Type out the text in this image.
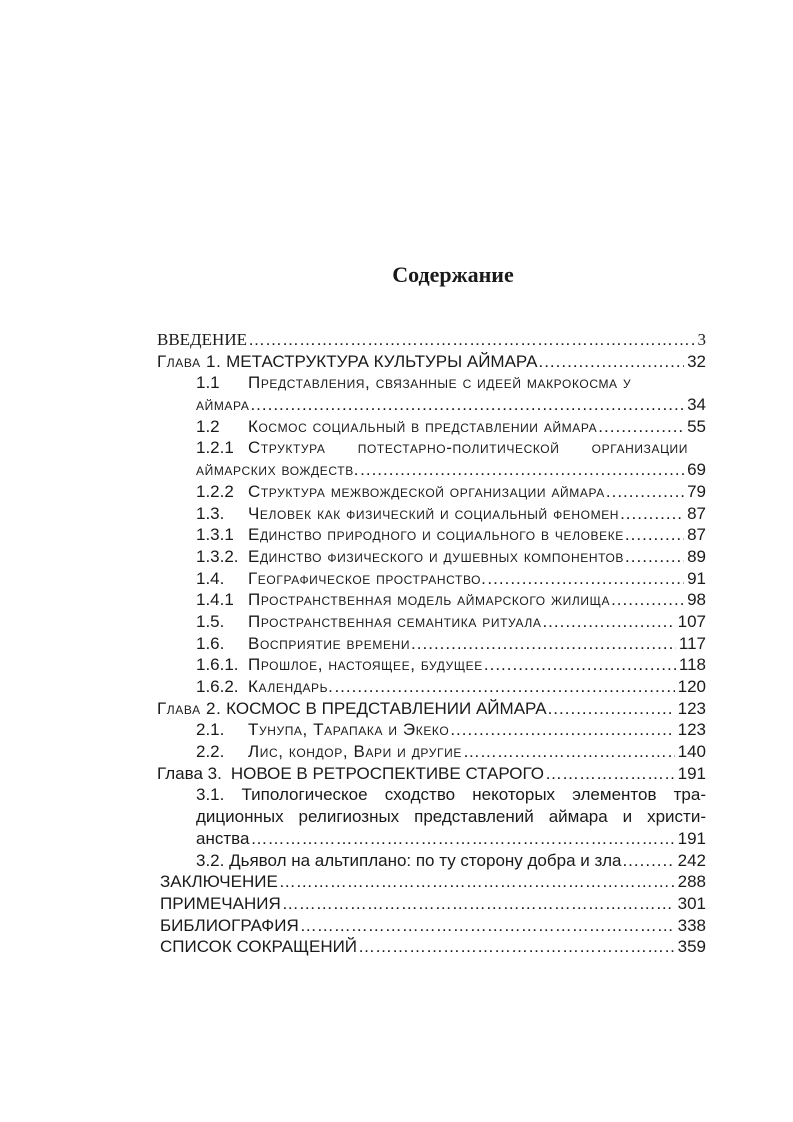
Содержание
ВВЕДЕНИЕ ……………………………………………………………………………………………………………………………………………………………………	3
Глава 1. МЕТАСТРУКТУРА КУЛЬТУРЫ АЙМАРА .....	32
1.1	Представления, связанные с идеей макрокосма у
аймара .....	34
1.2	Космос социальный в представлении аймара .....	55
1.2.1 Структура потестарно-политической организации
аймарских вождеств. .....	69
1.2.2 Структура межвождеской организации аймара .....	79
1.3.	Человек как физический и социальный феномен .....	87
1.3.1 Единство природного и социального в человеке .....	87
1.3.2. Единство физического и душевных компонентов .....	89
1.4.	Географическое пространство. .....	91
1.4.1 Пространственная модель аймарского жилища .....	98
1.5.	Пространственная семантика ритуала .....	107
1.6.	Восприятие времени .....	117
1.6.1. Прошлое, настоящее, будущее .....	118
1.6.2. Календарь. .....	120
Глава 2. КОСМОС В ПРЕДСТАВЛЕНИИ АЙМАРА .....	123
2.1.	Тунупа, Тарапака и Экеко .....	123
2.2.	Лис, кондор, Вари и другие ……………………………………………………………………………………………………………………………………………………………………	140
Глава 3. НОВОЕ В РЕТРОСПЕКТИВЕ СТАРОГО ……………………………………………………………………………………………………………………………………………………………………	191
3.1. Типологическое сходство некоторых элементов тра-
диционных религиозных представлений аймара и христи-
анства ……………………………………………………………………………………………………………………………………………………………………	191
3.2. Дьявол на альтиплано: по ту сторону добра и зла .....	242
ЗАКЛЮЧЕНИЕ ……………………………………………………………………………………………………………………………………………………………………	288
ПРИМЕЧАНИЯ ……………………………………………………………………………………………………………………………………………………………………	301
БИБЛИОГРАФИЯ ……………………………………………………………………………………………………………………………………………………………………	338
СПИСОК СОКРАЩЕНИЙ ……………………………………………………………………………………………………………………………………………………………………	359
